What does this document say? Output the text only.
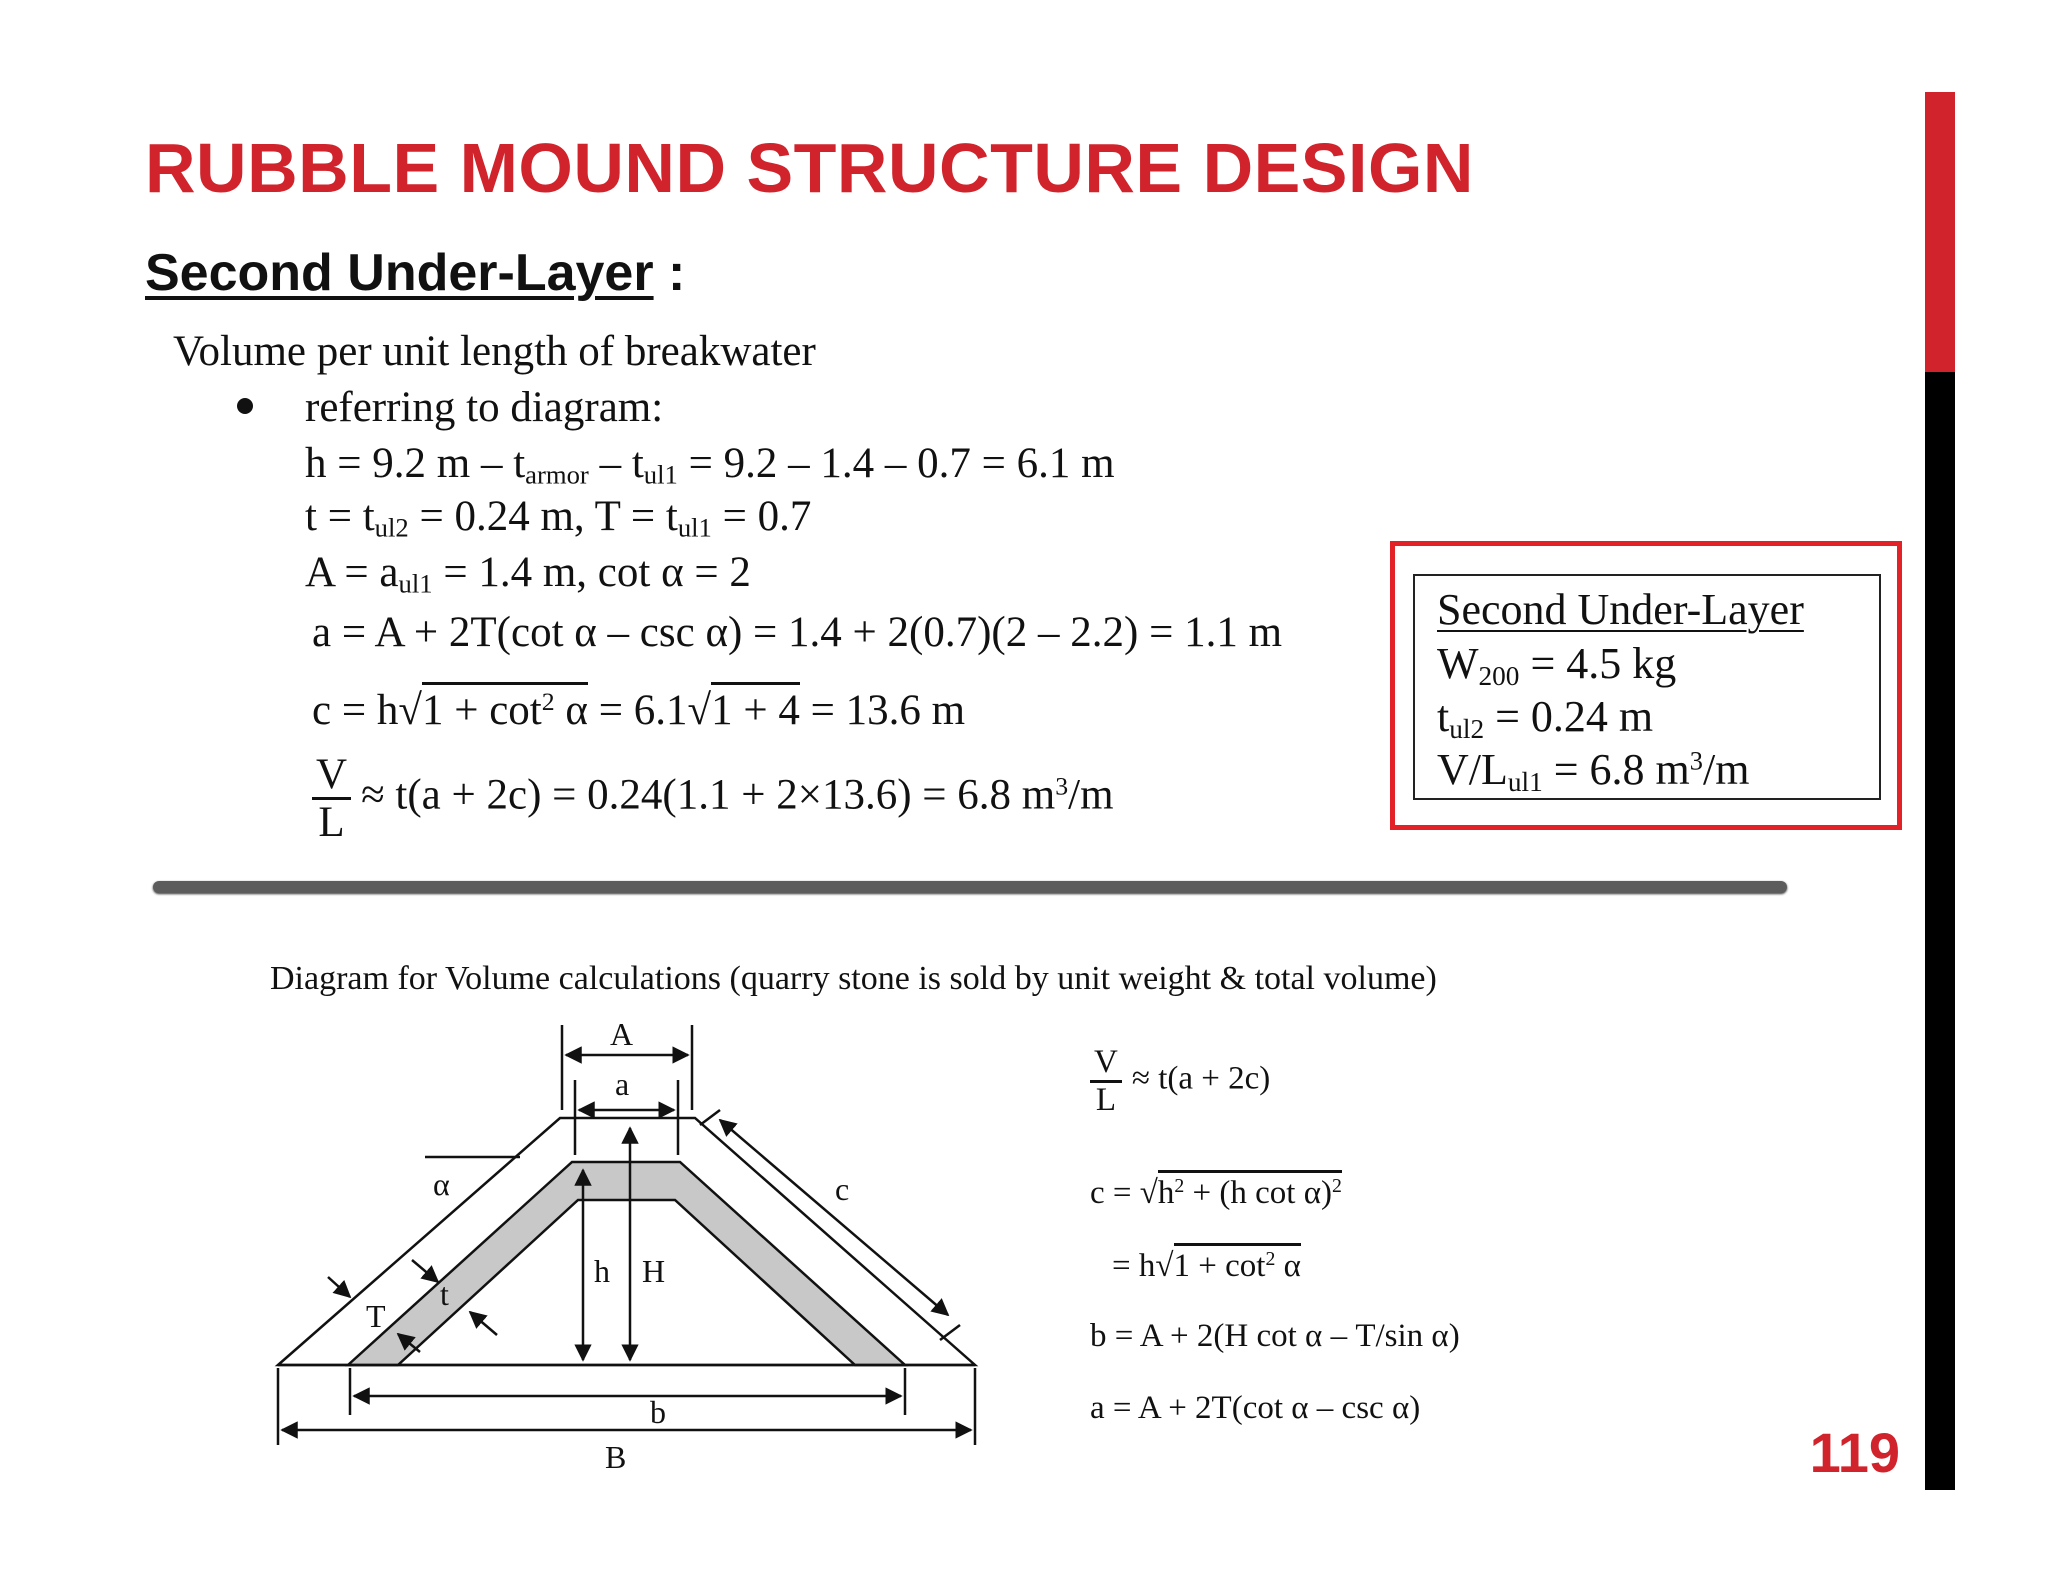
RUBBLE MOUND STRUCTURE DESIGN
Second Under-Layer :
Volume per unit length of breakwater
referring to diagram:
h = 9.2 $m - t_{armor} - t_{ul1} = 9.2 - 1.4 - 0.7 = 6.1$ m
$t = t_{ul2} = 0.24$ m, $T = t_{ul1} = 0.7$
$A = a_{ul1} = 1.4$ m, cot α = 2
a = A + 2T(cot α – csc α) = 1.4 + 2(0.7)(2 – 2.2) = 1.1 m
$c = h√1 + \cot^2 \alpha = 6.1√1 + 4 = 13.6$ m
$\frac{V}{L} \approx t(a + 2c) = 0.24(1.1 + 2\times 13.6) = 6.8$ $m^3/m$
Second Under-Layer
$W_{200} = 4.5$ kg
$t_{ul2} = 0.24$ m
$V/L_{ul1} = 6.8$ $m^3/m$
Diagram for Volume calculations (quarry stone is sold by unit weight & total volume)
A
a
α	c
h H
T
t
b
B
$\frac{V}{L} \approx t(a + 2c)$
$c = √h^2 + (h$ cot α)$^2$
= $h√1 + \cot^2 \alpha$
b = A + 2(H cot α – T/sin α)
a = A + 2T(cot α – csc α)
119
